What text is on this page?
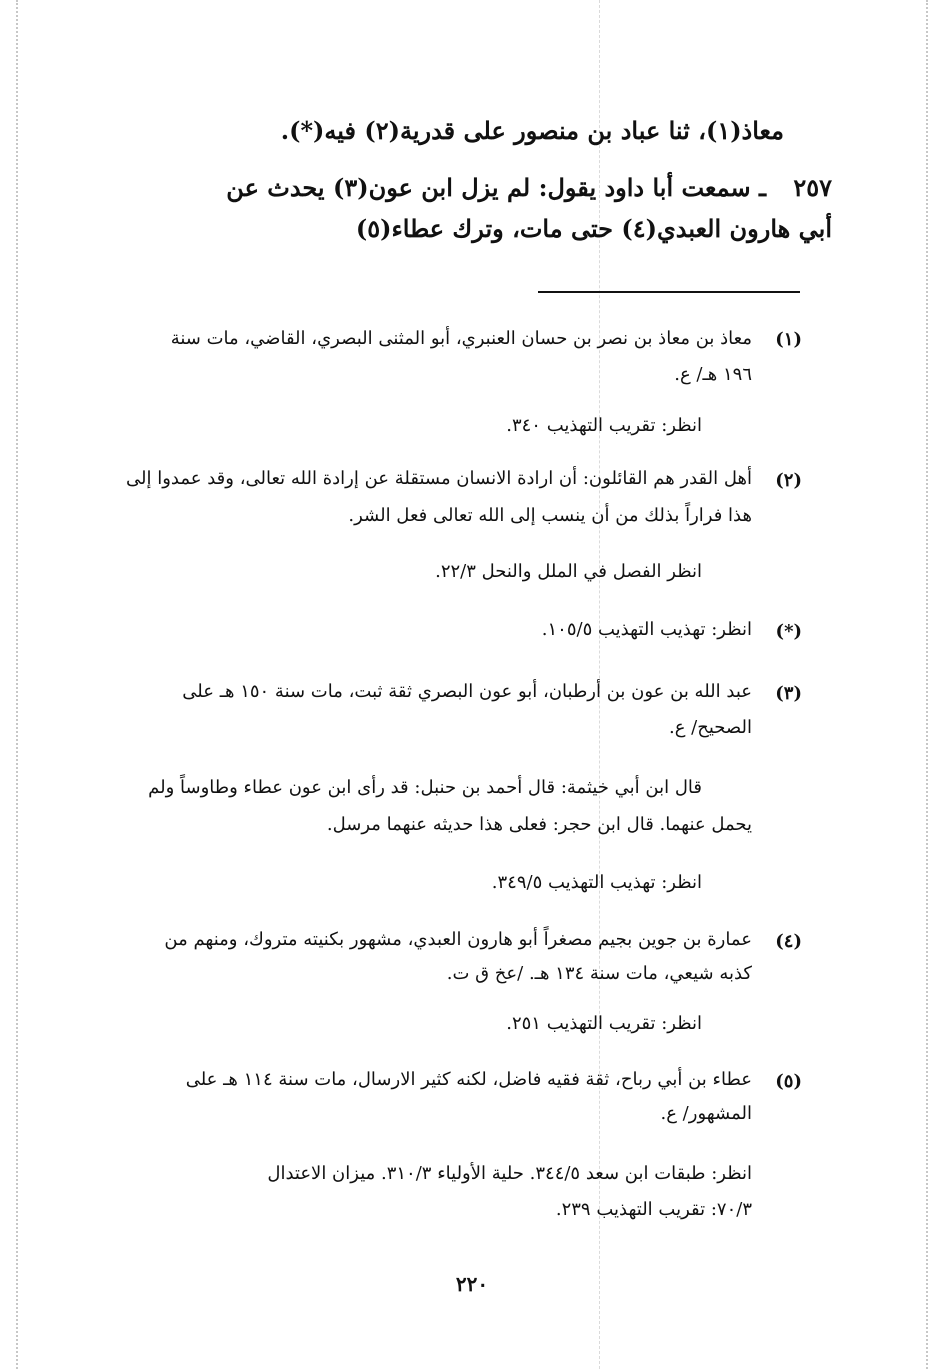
معاذ(١)، ثنا عباد بن منصور على قدرية(٢) فيه(*).
٢٥٧
ـ سمعت أبا داود يقول: لم يزل ابن عون(٣) يحدث عن
أبي هارون العبدي(٤) حتى مات، وترك عطاء(٥)
(١)
معاذ بن معاذ بن نصر بن حسان العنبري، أبو المثنى البصري، القاضي، مات سنة
١٩٦ هـ/ ع.
انظر: تقريب التهذيب ٣٤٠.
(٢)
أهل القدر هم القائلون: أن ارادة الانسان مستقلة عن إرادة الله تعالى، وقد عمدوا إلى
هذا فراراً بذلك من أن ينسب إلى الله تعالى فعل الشر.
انظر الفصل في الملل والنحل ٢٢/٣.
(*)
انظر: تهذيب التهذيب ١٠٥/٥.
(٣)
عبد الله بن عون بن أرطبان، أبو عون البصري ثقة ثبت، مات سنة ١٥٠ هـ على
الصحيح/ ع.
قال ابن أبي خيثمة: قال أحمد بن حنبل: قد رأى ابن عون عطاء وطاوساً ولم
يحمل عنهما. قال ابن حجر: فعلى هذا حديثه عنهما مرسل.
انظر: تهذيب التهذيب ٣٤٩/٥.
(٤)
عمارة بن جوين بجيم مصغراً أبو هارون العبدي، مشهور بكنيته متروك، ومنهم من
كذبه شيعي، مات سنة ١٣٤ هـ. /عخ ق ت.
انظر: تقريب التهذيب ٢٥١.
(٥)
عطاء بن أبي رباح، ثقة فقيه فاضل، لكنه كثير الارسال، مات سنة ١١٤ هـ على
المشهور/ ع.
انظر: طبقات ابن سعد ٣٤٤/٥. حلية الأولياء ٣١٠/٣. ميزان الاعتدال
٧٠/٣: تقريب التهذيب ٢٣٩.
٢٢٠
